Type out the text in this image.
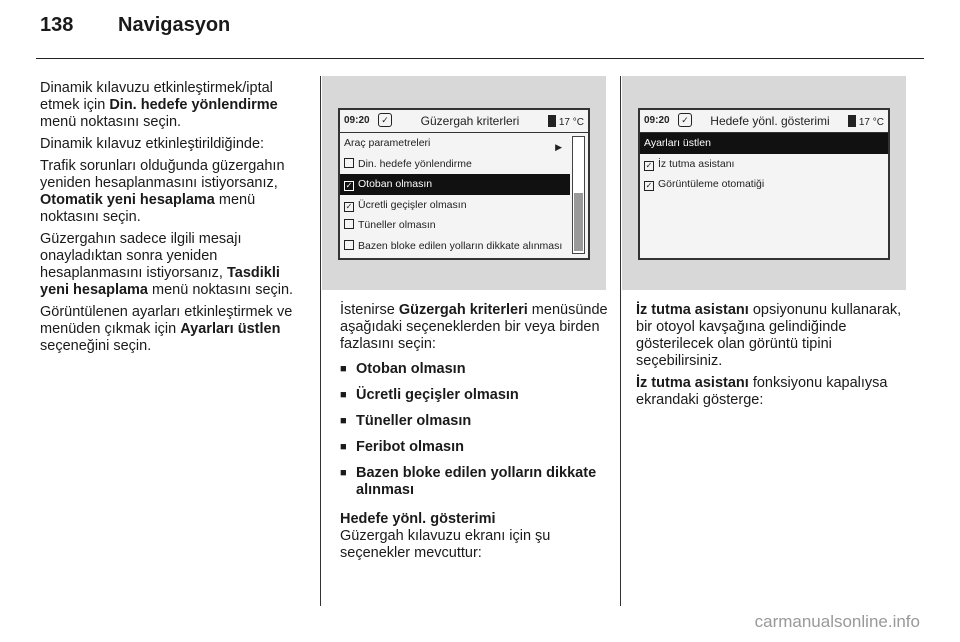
138 Navigasyon

Dinamik kılavuzu etkinleştirmek/iptal etmek için Din. hedefe yönlendirme menü noktasını seçin.

Dinamik kılavuz etkinleştirildiğinde:

Trafik sorunları olduğunda güzergahın yeniden hesaplanmasını istiyorsanız, Otomatik yeni hesaplama menü noktasını seçin.

Güzergahın sadece ilgili mesajı onayladıktan sonra yeniden hesaplanmasını istiyorsanız, Tasdikli yeni hesaplama menü noktasını seçin.

Görüntülenen ayarları etkinleştirmek ve menüden çıkmak için Ayarları üstlen seçeneğini seçin.

09:20	✓	Güzergah kriterleri	17 °C
Araç parametreleri	▶
Din. hedefe yönlendirme
✓ Otoban olmasın
✓ Ücretli geçişler olmasın
Tüneller olmasın
Bazen bloke edilen yolların dikkate alınması
09:20	✓	Hedefe yönl. gösterimi	17 °C
Ayarları üstlen
✓ İz tutma asistanı
✓ Görüntüleme otomatiği

İstenirse Güzergah kriterleri menüsünde aşağıdaki seçeneklerden bir veya birden fazlasını seçin:

■ Otoban olmasın
■ Ücretli geçişler olmasın
■ Tüneller olmasın
■ Feribot olmasın
■ Bazen bloke edilen yolların dikkate alınması

Hedefe yönl. gösterimi

Güzergah kılavuzu ekranı için şu seçenekler mevcuttur:

İz tutma asistanı opsiyonunu kullanarak, bir otoyol kavşağına gelindiğinde gösterilecek olan görüntü tipini seçebilirsiniz.

İz tutma asistanı fonksiyonu kapalıysa ekrandaki gösterge:

carmanualsonline.info
